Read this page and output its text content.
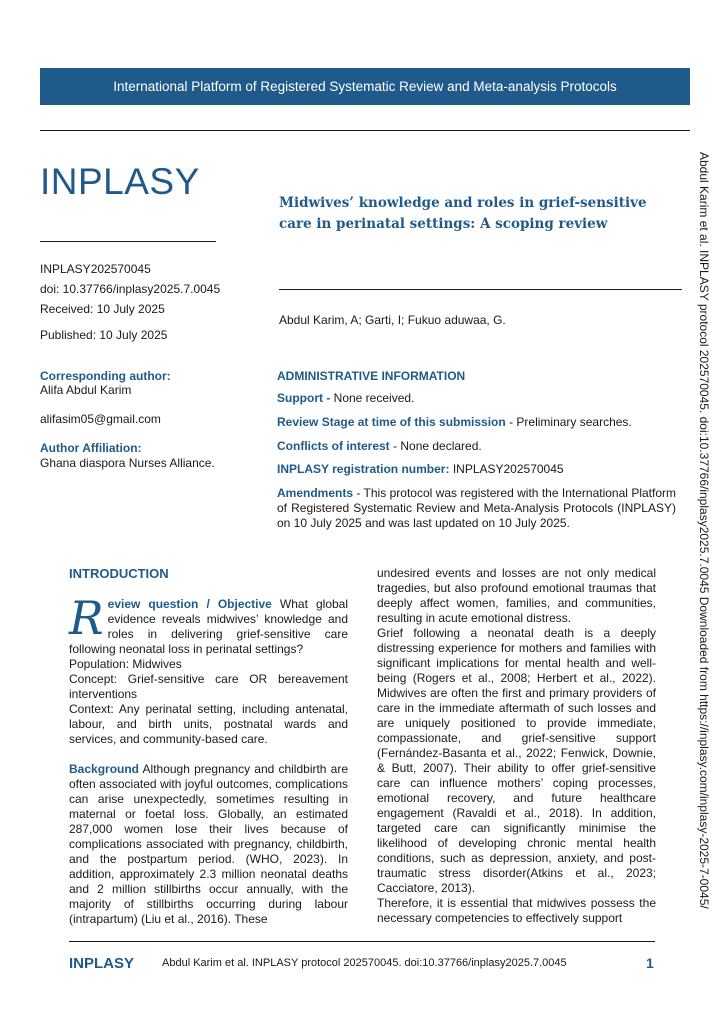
International Platform of Registered Systematic Review and Meta-analysis Protocols
INPLASY
INPLASY202570045
doi: 10.37766/inplasy2025.7.0045
Received: 10 July 2025
Published: 10 July 2025
Midwives’ knowledge and roles in grief-sensitive care in perinatal settings: A scoping review
Abdul Karim, A; Garti, I; Fukuo aduwaa, G.
Corresponding author:
Alifa Abdul Karim
alifasim05@gmail.com
Author Affiliation:
Ghana diaspora Nurses Alliance.
ADMINISTRATIVE INFORMATION
Support - None received.
Review Stage at time of this submission - Preliminary searches.
Conflicts of interest - None declared.
INPLASY registration number: INPLASY202570045
Amendments - This protocol was registered with the International Platform of Registered Systematic Review and Meta-Analysis Protocols (INPLASY) on 10 July 2025 and was last updated on 10 July 2025.
INTRODUCTION

Review question / Objective What global evidence reveals midwives’ knowledge and roles in delivering grief-sensitive care following neonatal loss in perinatal settings?

Population: Midwives

Concept: Grief-sensitive care OR bereavement interventions

Context: Any perinatal setting, including antenatal, labour, and birth units, postnatal wards and services, and community-based care.

Background Although pregnancy and childbirth are often associated with joyful outcomes, complications can arise unexpectedly, sometimes resulting in maternal or foetal loss. Globally, an estimated 287,000 women lose their lives because of complications associated with pregnancy, childbirth, and the postpartum period. (WHO, 2023). In addition, approximately 2.3 million neonatal deaths and 2 million stillbirths occur annually, with the majority of stillbirths occurring during labour (intrapartum) (Liu et al., 2016). These

undesired events and losses are not only medical tragedies, but also profound emotional traumas that deeply affect women, families, and communities, resulting in acute emotional distress.

Grief following a neonatal death is a deeply distressing experience for mothers and families with significant implications for mental health and well-being (Rogers et al., 2008; Herbert et al., 2022). Midwives are often the first and primary providers of care in the immediate aftermath of such losses and are uniquely positioned to provide immediate, compassionate, and grief-sensitive support (Fernández-Basanta et al., 2022; Fenwick, Downie, & Butt, 2007). Their ability to offer grief-sensitive care can influence mothers’ coping processes, emotional recovery, and future healthcare engagement (Ravaldi et al., 2018). In addition, targeted care can significantly minimise the likelihood of developing chronic mental health conditions, such as depression, anxiety, and post-traumatic stress disorder(Atkins et al., 2023; Cacciatore, 2013).

Therefore, it is essential that midwives possess the necessary competencies to effectively support

Abdul Karim et al. INPLASY protocol 202570045. doi:10.37766/inplasy2025.7.0045 Downloaded from https://inplasy.com/inplasy-2025-7-0045/
INPLASY	Abdul Karim et al. INPLASY protocol 202570045. doi:10.37766/inplasy2025.7.0045	1
